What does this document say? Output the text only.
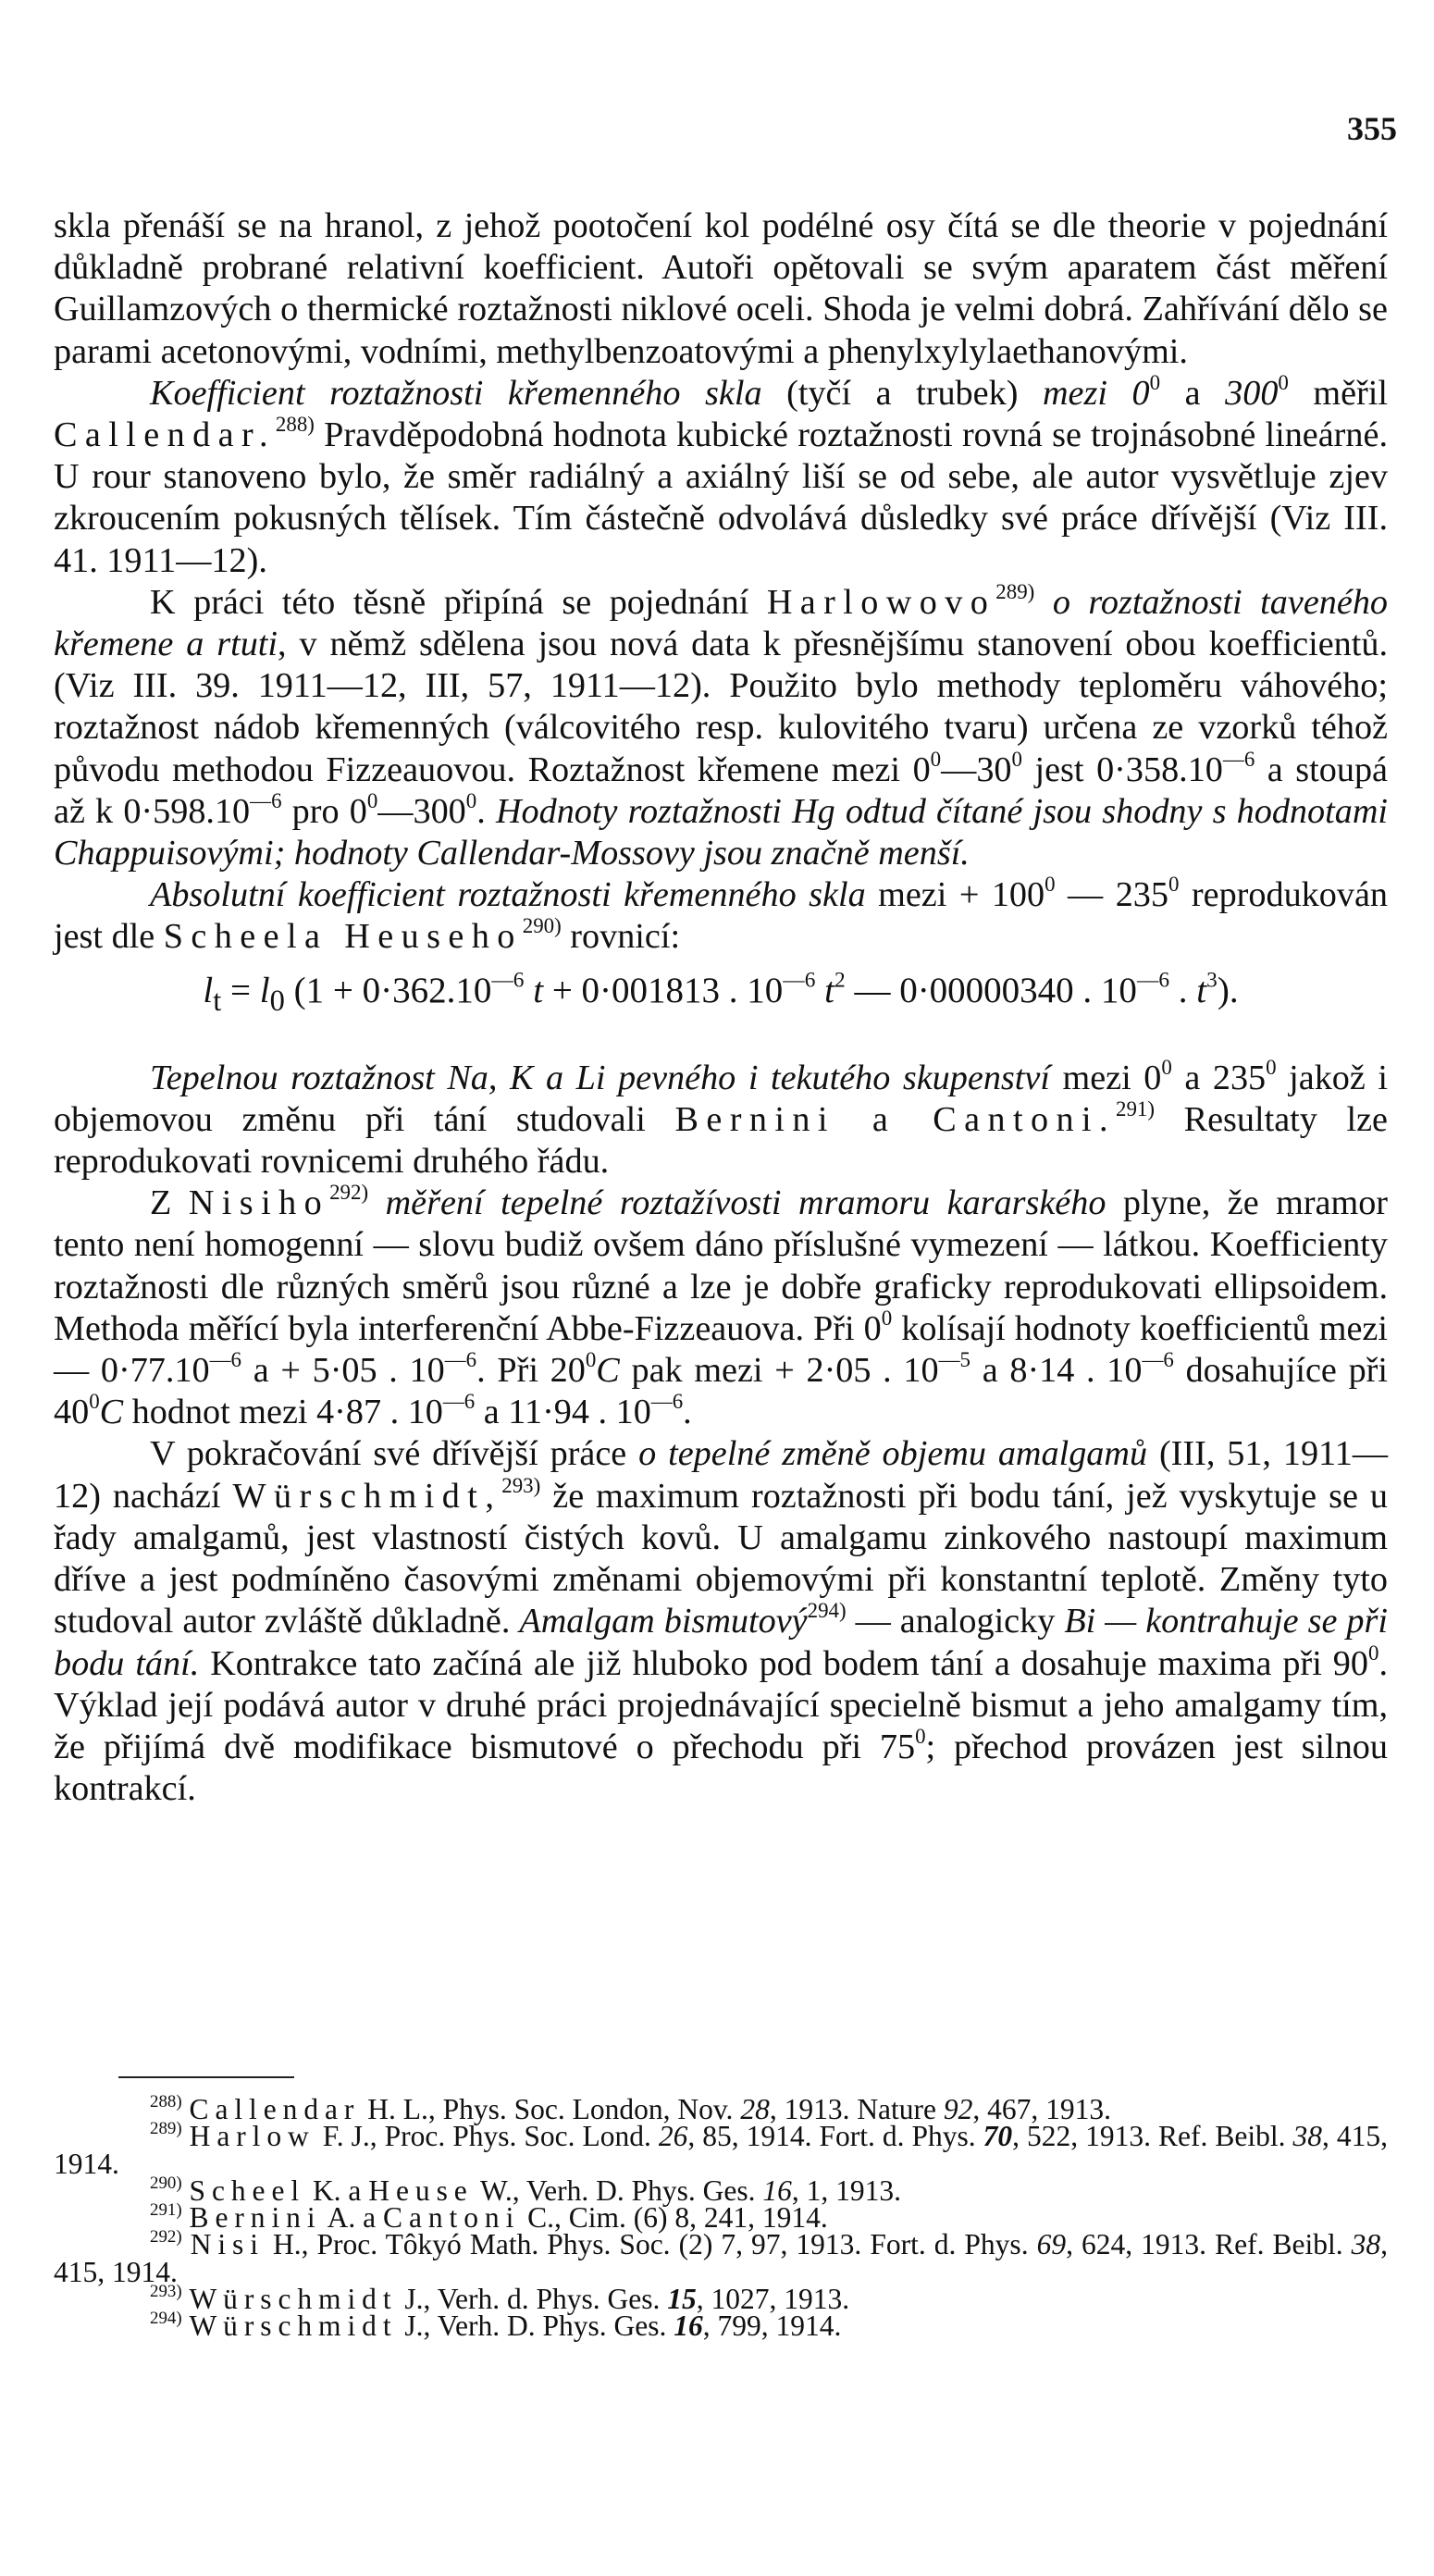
355

skla přenáší se na hranol, z jehož pootočení kol podélné osy čítá se dle theorie v pojednání důkladně probrané relativní koefficient. Autoři opětovali se svým aparatem část měření Guillamzových o thermické roztažnosti niklové oceli. Shoda je velmi dobrá. Zahřívání dělo se parami acetonovými, vodními, methylbenzoatovými a phenylxylylaethanovými.

Koefficient roztažnosti křemenného skla (tyčí a trubek) mezi $0^0$ a $300^0$ měřil Callendar.$^{288)}$ Pravděpodobná hodnota kubické roztažnosti rovná se trojnásobné lineárné. U rour stanoveno bylo, že směr radiálný a axiálný liší se od sebe, ale autor vysvětluje zjev zkroucením pokusných tělísek. Tím částečně odvolává důsledky své práce dřívější (Viz III. 41. 1911—12).

K práci této těsně připíná se pojednání Harlowovo$^{289)}$ o roztažnosti taveného křemene a rtuti, v němž sdělena jsou nová data k přesnějšímu stanovení obou koefficientů. (Viz III. 39. 1911—12, III, 57, 1911—12). Použito bylo methody teploměru váhového; roztažnost nádob křemenných (válcovitého resp. kulovitého tvaru) určena ze vzorků téhož původu methodou Fizzeauovou. Roztažnost křemene mezi $0^0—30^0$ jest $0\cdot 358.10^{—6}$ a stoupá až k $0\cdot 598.10^{—6}$ pro $0^0—300^0$. Hodnoty roztažnosti Hg odtud čítané jsou shodny s hodnotami Chappuisovými; hodnoty Callendar-Mossovy jsou značně menší.

Absolutní koefficient roztažnosti křemenného skla mezi + $100^0$ — $235^0$ reprodukován jest dle Scheela Heuseho$^{290)}$ rovnicí:

$l_t = l_0$ ($1 + 0\cdot 362.10^{—6}$ t + 0·001813 . $10^{—6}$ $t^2$ — 0·00000340 . $10^{—6}$ . $t^3$).

Tepelnou roztažnost Na, K a Li pevného i tekutého skupenství mezi $0^0$ a $235^0$ jakož i objemovou změnu při tání studovali Bernini a Cantoni.$^{291)}$ Resultaty lze reprodukovati rovnicemi druhého řádu.

Z Nisiho$^{292)}$ měření tepelné roztažívosti mramoru kararského plyne, že mramor tento není homogenní — slovu budiž ovšem dáno příslušné vymezení — látkou. Koefficienty roztažnosti dle různých směrů jsou různé a lze je dobře graficky reprodukovati ellipsoidem. Methoda měřící byla interferenční Abbe-Fizzeauova. Při $0^0$ kolísají hodnoty koefficientů mezi — $0\cdot 77.10^{—6}$ a + 5·05 . $10^{—6}$. Při $20^0C$ pak mezi + 2·05 . $10^{—5}$ a 8·14 . $10^{—6}$ dosahujíce při $40^0C$ hodnot mezi 4·87 . $10^{—6}$ a 11·94 . $10^{—6}$.

V pokračování své dřívější práce o tepelné změně objemu amalgamů (III, 51, 1911—12) nachází Würschmidt,$^{293)}$ že maximum roztažnosti při bodu tání, jež vyskytuje se u řady amalgamů, jest vlastností čistých kovů. U amalgamu zinkového nastoupí maximum dříve a jest podmíněno časovými změnami objemovými při konstantní teplotě. Změny tyto studoval autor zvláště důkladně. Amalgam bismutový$^{294)}$ — analogicky Bi — kontrahuje se při bodu tání. Kontrakce tato začíná ale již hluboko pod bodem tání a dosahuje maxima při $90^0$. Výklad její podává autor v druhé práci projednávající specielně bismut a jeho amalgamy tím, že přijímá dvě modifikace bismutové o přechodu při $75^0$; přechod provázen jest silnou kontrakcí.

$^{288)}$ Callendar H. L., Phys. Soc. London, Nov. 28, 1913. Nature 92, 467, 1913.

$^{289)}$ Harlow F. J., Proc. Phys. Soc. Lond. 26, 85, 1914. Fort. d. Phys. 70, 522, 1913. Ref. Beibl. 38, 415, 1914.

$^{290)}$ Scheel K. a Heuse W., Verh. D. Phys. Ges. 16, 1, 1913.

$^{291)}$ Bernini A. a Cantoni C., Cim. (6) 8, 241, 1914.

$^{292)}$ Nisi H., Proc. Tôkyó Math. Phys. Soc. (2) 7, 97, 1913. Fort. d. Phys. 69, 624, 1913. Ref. Beibl. 38, 415, 1914.

$^{293)}$ Würschmidt J., Verh. d. Phys. Ges. 15, 1027, 1913.

$^{294)}$ Würschmidt J., Verh. D. Phys. Ges. 16, 799, 1914.
